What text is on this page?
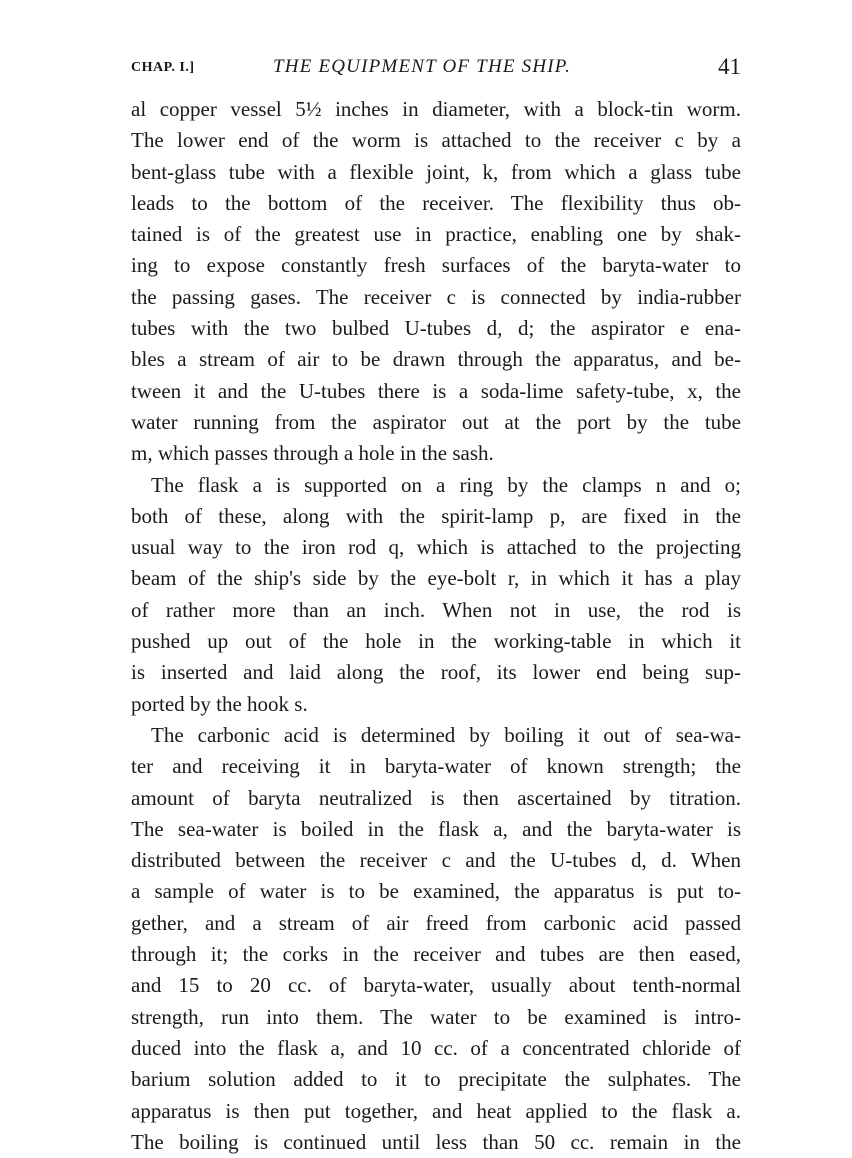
CHAP. I.]	THE EQUIPMENT OF THE SHIP.	41
al copper vessel 5½ inches in diameter, with a block-tin worm.
The lower end of the worm is attached to the receiver c by a
bent-glass tube with a flexible joint, k, from which a glass tube
leads to the bottom of the receiver. The flexibility thus ob-
tained is of the greatest use in practice, enabling one by shak-
ing to expose constantly fresh surfaces of the baryta-water to
the passing gases. The receiver c is connected by india-rubber
tubes with the two bulbed U-tubes d, d; the aspirator e ena-
bles a stream of air to be drawn through the apparatus, and be-
tween it and the U-tubes there is a soda-lime safety-tube, x, the
water running from the aspirator out at the port by the tube
m, which passes through a hole in the sash.
The flask a is supported on a ring by the clamps n and o;
both of these, along with the spirit-lamp p, are fixed in the
usual way to the iron rod q, which is attached to the projecting
beam of the ship's side by the eye-bolt r, in which it has a play
of rather more than an inch. When not in use, the rod is
pushed up out of the hole in the working-table in which it
is inserted and laid along the roof, its lower end being sup-
ported by the hook s.
The carbonic acid is determined by boiling it out of sea-wa-
ter and receiving it in baryta-water of known strength; the
amount of baryta neutralized is then ascertained by titration.
The sea-water is boiled in the flask a, and the baryta-water is
distributed between the receiver c and the U-tubes d, d. When
a sample of water is to be examined, the apparatus is put to-
gether, and a stream of air freed from carbonic acid passed
through it; the corks in the receiver and tubes are then eased,
and 15 to 20 cc. of baryta-water, usually about tenth-normal
strength, run into them. The water to be examined is intro-
duced into the flask a, and 10 cc. of a concentrated chloride of
barium solution added to it to precipitate the sulphates. The
apparatus is then put together, and heat applied to the flask a.
The boiling is continued until less than 50 cc. remain in the
